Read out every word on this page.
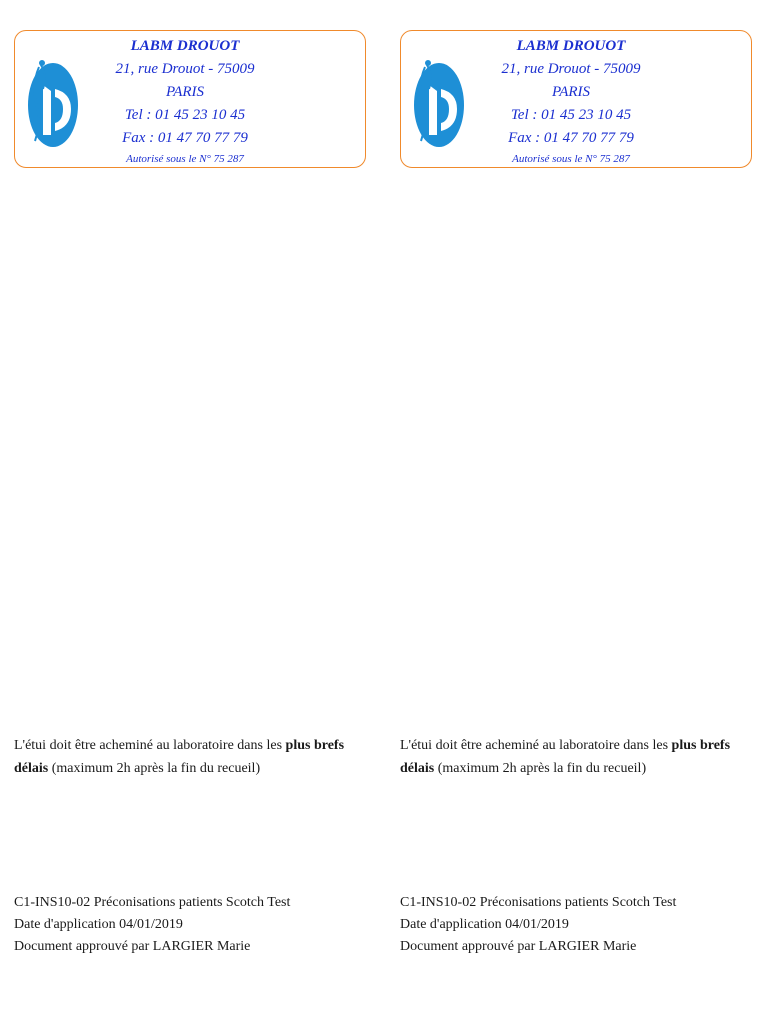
LABM DROUOT
21, rue Drouot - 75009
PARIS
Tel : 01 45 23 10 45
Fax : 01 47 70 77 79
Autorisé sous le N° 75 287
L'étui doit être acheminé au laboratoire dans les plus brefs délais (maximum 2h après la fin du recueil)
C1-INS10-02 Préconisations patients Scotch Test
Date d'application 04/01/2019
Document approuvé par LARGIER Marie
LABM DROUOT
21, rue Drouot - 75009
PARIS
Tel : 01 45 23 10 45
Fax : 01 47 70 77 79
Autorisé sous le N° 75 287
L'étui doit être acheminé au laboratoire dans les plus brefs délais (maximum 2h après la fin du recueil)
C1-INS10-02 Préconisations patients Scotch Test
Date d'application 04/01/2019
Document approuvé par LARGIER Marie
